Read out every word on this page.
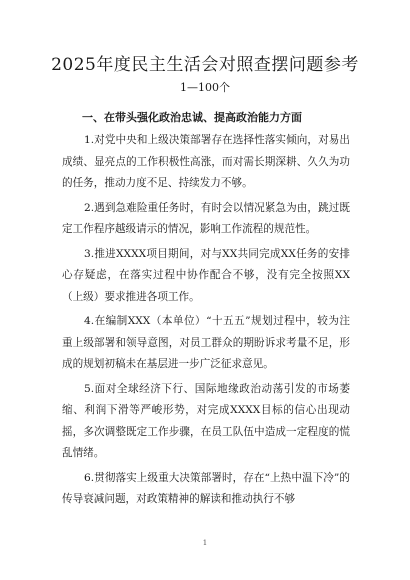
2025年度民主生活会对照查摆问题参考
1—100个
一、在带头强化政治忠诚、提高政治能力方面

1.对党中央和上级决策部署存在选择性落实倾向，对易出成绩、显亮点的工作积极性高涨，而对需长期深耕、久久为功的任务，推动力度不足、持续发力不够。

2.遇到急难险重任务时，有时会以情况紧急为由，跳过既定工作程序越级请示的情况，影响工作流程的规范性。

3.推进XXXX项目期间，对与XX共同完成XX任务的安排心存疑虑，在落实过程中协作配合不够，没有完全按照XX（上级）要求推进各项工作。

4.在编制XXX（本单位）“十五五”规划过程中，较为注重上级部署和领导意图，对员工群众的期盼诉求考量不足，形成的规划初稿未在基层进一步广泛征求意见。

5.面对全球经济下行、国际地缘政治动荡引发的市场萎缩、利润下滑等严峻形势，对完成XXXX目标的信心出现动摇，多次调整既定工作步骤，在员工队伍中造成一定程度的慌乱情绪。

6.贯彻落实上级重大决策部署时，存在“上热中温下冷”的传导衰减问题，对政策精神的解读和推动执行不够

1
